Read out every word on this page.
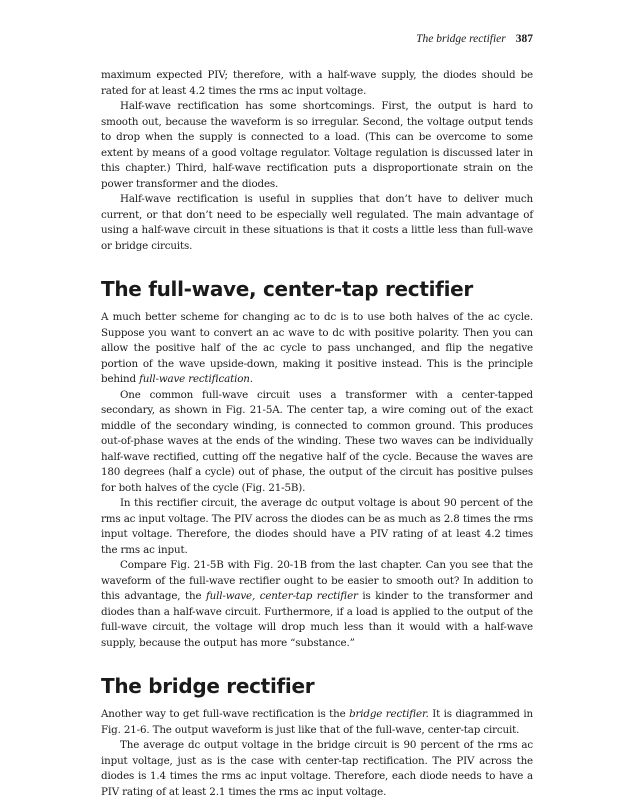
The bridge rectifier 387

maximum expected PIV; therefore, with a half-wave supply, the diodes should be rated for at least 4.2 times the rms ac input voltage.

Half-wave rectification has some shortcomings. First, the output is hard to smooth out, because the waveform is so irregular. Second, the voltage output tends to drop when the supply is connected to a load. (This can be overcome to some extent by means of a good voltage regulator. Voltage regulation is discussed later in this chapter.) Third, half-wave rectification puts a disproportionate strain on the power transformer and the diodes.

Half-wave rectification is useful in supplies that don’t have to deliver much current, or that don’t need to be especially well regulated. The main advantage of using a half-wave circuit in these situations is that it costs a little less than full-wave or bridge circuits.

The full-wave, center-tap rectifier

A much better scheme for changing ac to dc is to use both halves of the ac cycle. Suppose you want to convert an ac wave to dc with positive polarity. Then you can allow the positive half of the ac cycle to pass unchanged, and flip the negative portion of the wave upside-down, making it positive instead. This is the principle behind full-wave rectification.

One common full-wave circuit uses a transformer with a center-tapped secondary, as shown in Fig. 21-5A. The center tap, a wire coming out of the exact middle of the secondary winding, is connected to common ground. This produces out-of-phase waves at the ends of the winding. These two waves can be individually half-wave rectified, cutting off the negative half of the cycle. Because the waves are 180 degrees (half a cycle) out of phase, the output of the circuit has positive pulses for both halves of the cycle (Fig. 21-5B).

In this rectifier circuit, the average dc output voltage is about 90 percent of the rms ac input voltage. The PIV across the diodes can be as much as 2.8 times the rms input voltage. Therefore, the diodes should have a PIV rating of at least 4.2 times the rms ac input.

Compare Fig. 21-5B with Fig. 20-1B from the last chapter. Can you see that the waveform of the full-wave rectifier ought to be easier to smooth out? In addition to this advantage, the full-wave, center-tap rectifier is kinder to the transformer and diodes than a half-wave circuit. Furthermore, if a load is applied to the output of the full-wave circuit, the voltage will drop much less than it would with a half-wave supply, because the output has more “substance.”

The bridge rectifier

Another way to get full-wave rectification is the bridge rectifier. It is diagrammed in Fig. 21-6. The output waveform is just like that of the full-wave, center-tap circuit.

The average dc output voltage in the bridge circuit is 90 percent of the rms ac input voltage, just as is the case with center-tap rectification. The PIV across the diodes is 1.4 times the rms ac input voltage. Therefore, each diode needs to have a PIV rating of at least 2.1 times the rms ac input voltage.
